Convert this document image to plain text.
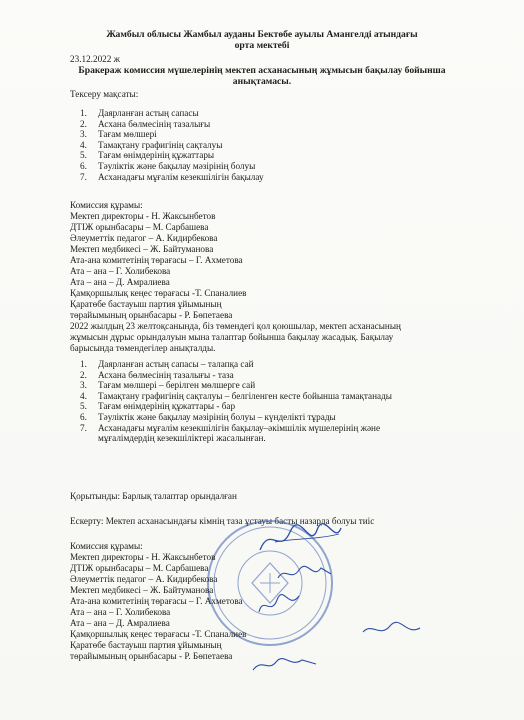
Жамбыл облысы Жамбыл ауданы Бектөбе ауылы Амангелді атындағы
орта мектебі
23.12.2022 ж
Бракераж комиссия мүшелерінің мектеп асханасының жұмысын бақылау бойынша
анықтамасы.
Тексеру мақсаты:
1. Даярланған астың сапасы
2. Асхана бөлмесінің тазалығы
3. Тағам мөлшері
4. Тамақтану графигінің сақталуы
5. Тағам өнімдерінің құжаттары
6. Тәуліктік және бақылау мәзірінің болуы
7. Асханадағы мұғалім кезекшілігін бақылау
Комиссия құрамы:
Мектеп директоры - Н. Жаксынбетов
ДТІЖ орынбасары – М. Сарбашева
Әлеуметтік педагог – А. Кидирбекова
Мектеп медбикесі – Ж. Байтуманова
Ата-ана комитетінің төрағасы – Г. Ахметова
Ата – ана – Г. Холибекова
Ата – ана – Д. Амралиева
Қамқоршылық кеңес төрағасы -Т. Спаналиев
Қаратөбе бастауыш партия ұйымының
төрайымының орынбасары - Р. Бөпетаева
2022 жылдың 23 желтоқсанында, біз төмендегі қол қоюшылар, мектеп асханасының
жұмысын дұрыс орындалуын мына талаптар бойынша бақылау жасадық. Бақылау
барысында төмендегілер анықталды.
1. Даярланған астың сапасы – талапқа сай
2. Асхана бөлмесінің тазалығы - таза
3. Тағам мөлшері – берілген мөлшерге сай
4. Тамақтану графигінің сақталуы – белгіленген кесте бойынша тамақтанады
5. Тағам өнімдерінің құжаттары - бар
6. Тәуліктік және бақылау мәзірінің болуы – күнделікті тұрады
7. Асханадағы мұғалім кезекшілігін бақылау–әкімшілік мүшелерінің және
мұғалімдердің кезекшіліктері жасалынған.
Қорытынды: Барлық талаптар орындалған
Ескерту: Мектеп асханасындағы кімнің таза ұстауы басты назарда болуы тиіс
Комиссия құрамы:
Мектеп директоры - Н. Жаксынбетов
ДТІЖ орынбасары – М. Сарбашева
Әлеуметтік педагог – А. Кидирбекова
Мектеп медбикесі – Ж. Байтуманова
Ата-ана комитетінің төрағасы – Г. Ахметова
Ата – ана – Г. Холибекова
Ата – ана – Д. Амралиева
Қамқоршылық кеңес төрағасы -Т. Спаналиев
Қаратөбе бастауыш партия ұйымының
төрайымының орынбасары - Р. Бөпетаева
